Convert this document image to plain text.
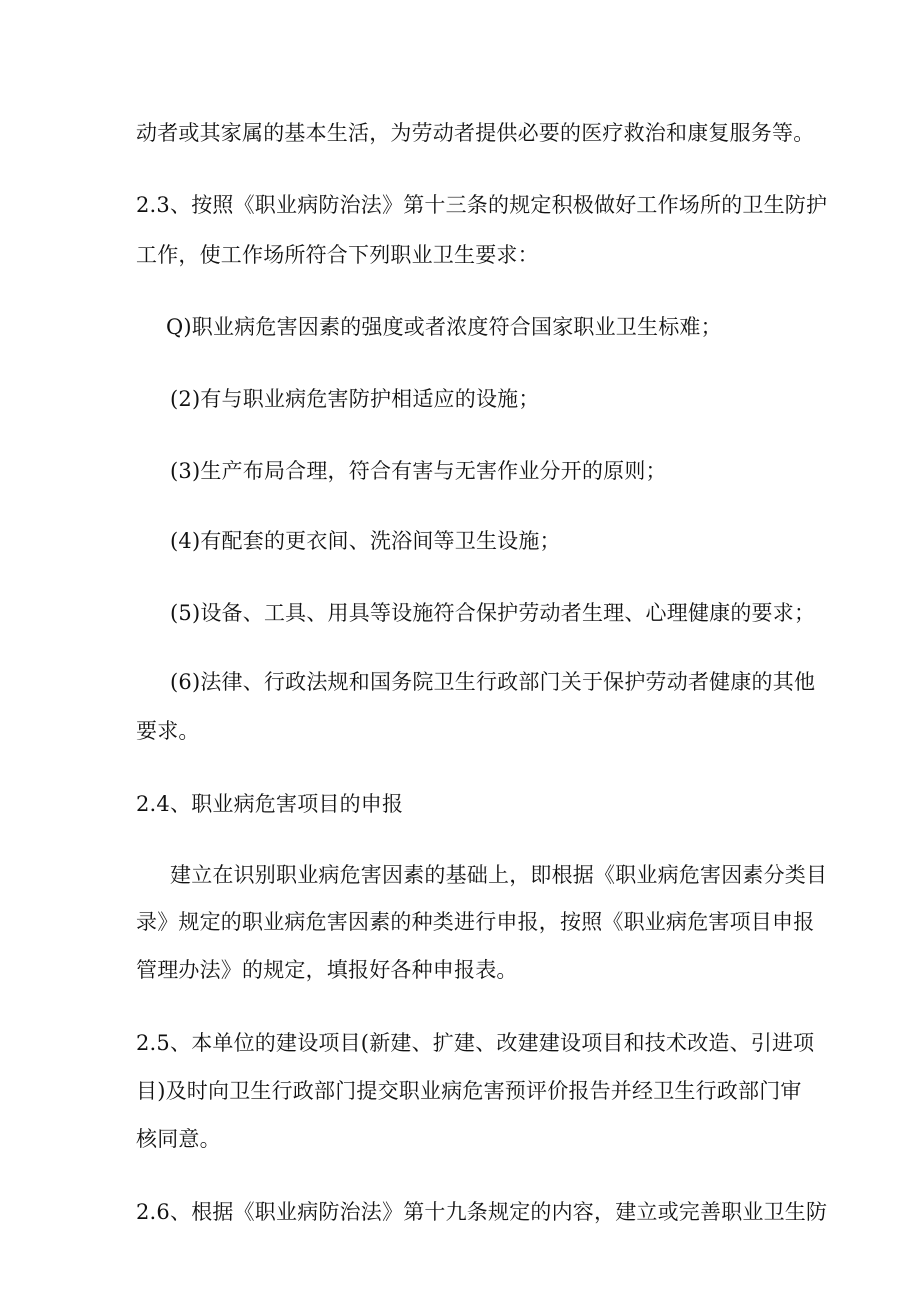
动者或其家属的基本生活，为劳动者提供必要的医疗救治和康复服务等。
2.3、按照《职业病防治法》第十三条的规定积极做好工作场所的卫生防护
工作，使工作场所符合下列职业卫生要求：
Q)职业病危害因素的强度或者浓度符合国家职业卫生标难；
(2)有与职业病危害防护相适应的设施；
(3)生产布局合理，符合有害与无害作业分开的原则；
(4)有配套的更衣间、洗浴间等卫生设施；
(5)设备、工具、用具等设施符合保护劳动者生理、心理健康的要求；
(6)法律、行政法规和国务院卫生行政部门关于保护劳动者健康的其他
要求。
2.4、职业病危害项目的申报
建立在识别职业病危害因素的基础上，即根据《职业病危害因素分类目
录》规定的职业病危害因素的种类进行申报，按照《职业病危害项目申报
管理办法》的规定，填报好各种申报表。
2.5、本单位的建设项目(新建、扩建、改建建设项目和技术改造、引进项
目)及时向卫生行政部门提交职业病危害预评价报告并经卫生行政部门审
核同意。
2.6、根据《职业病防治法》第十九条规定的内容，建立或完善职业卫生防
